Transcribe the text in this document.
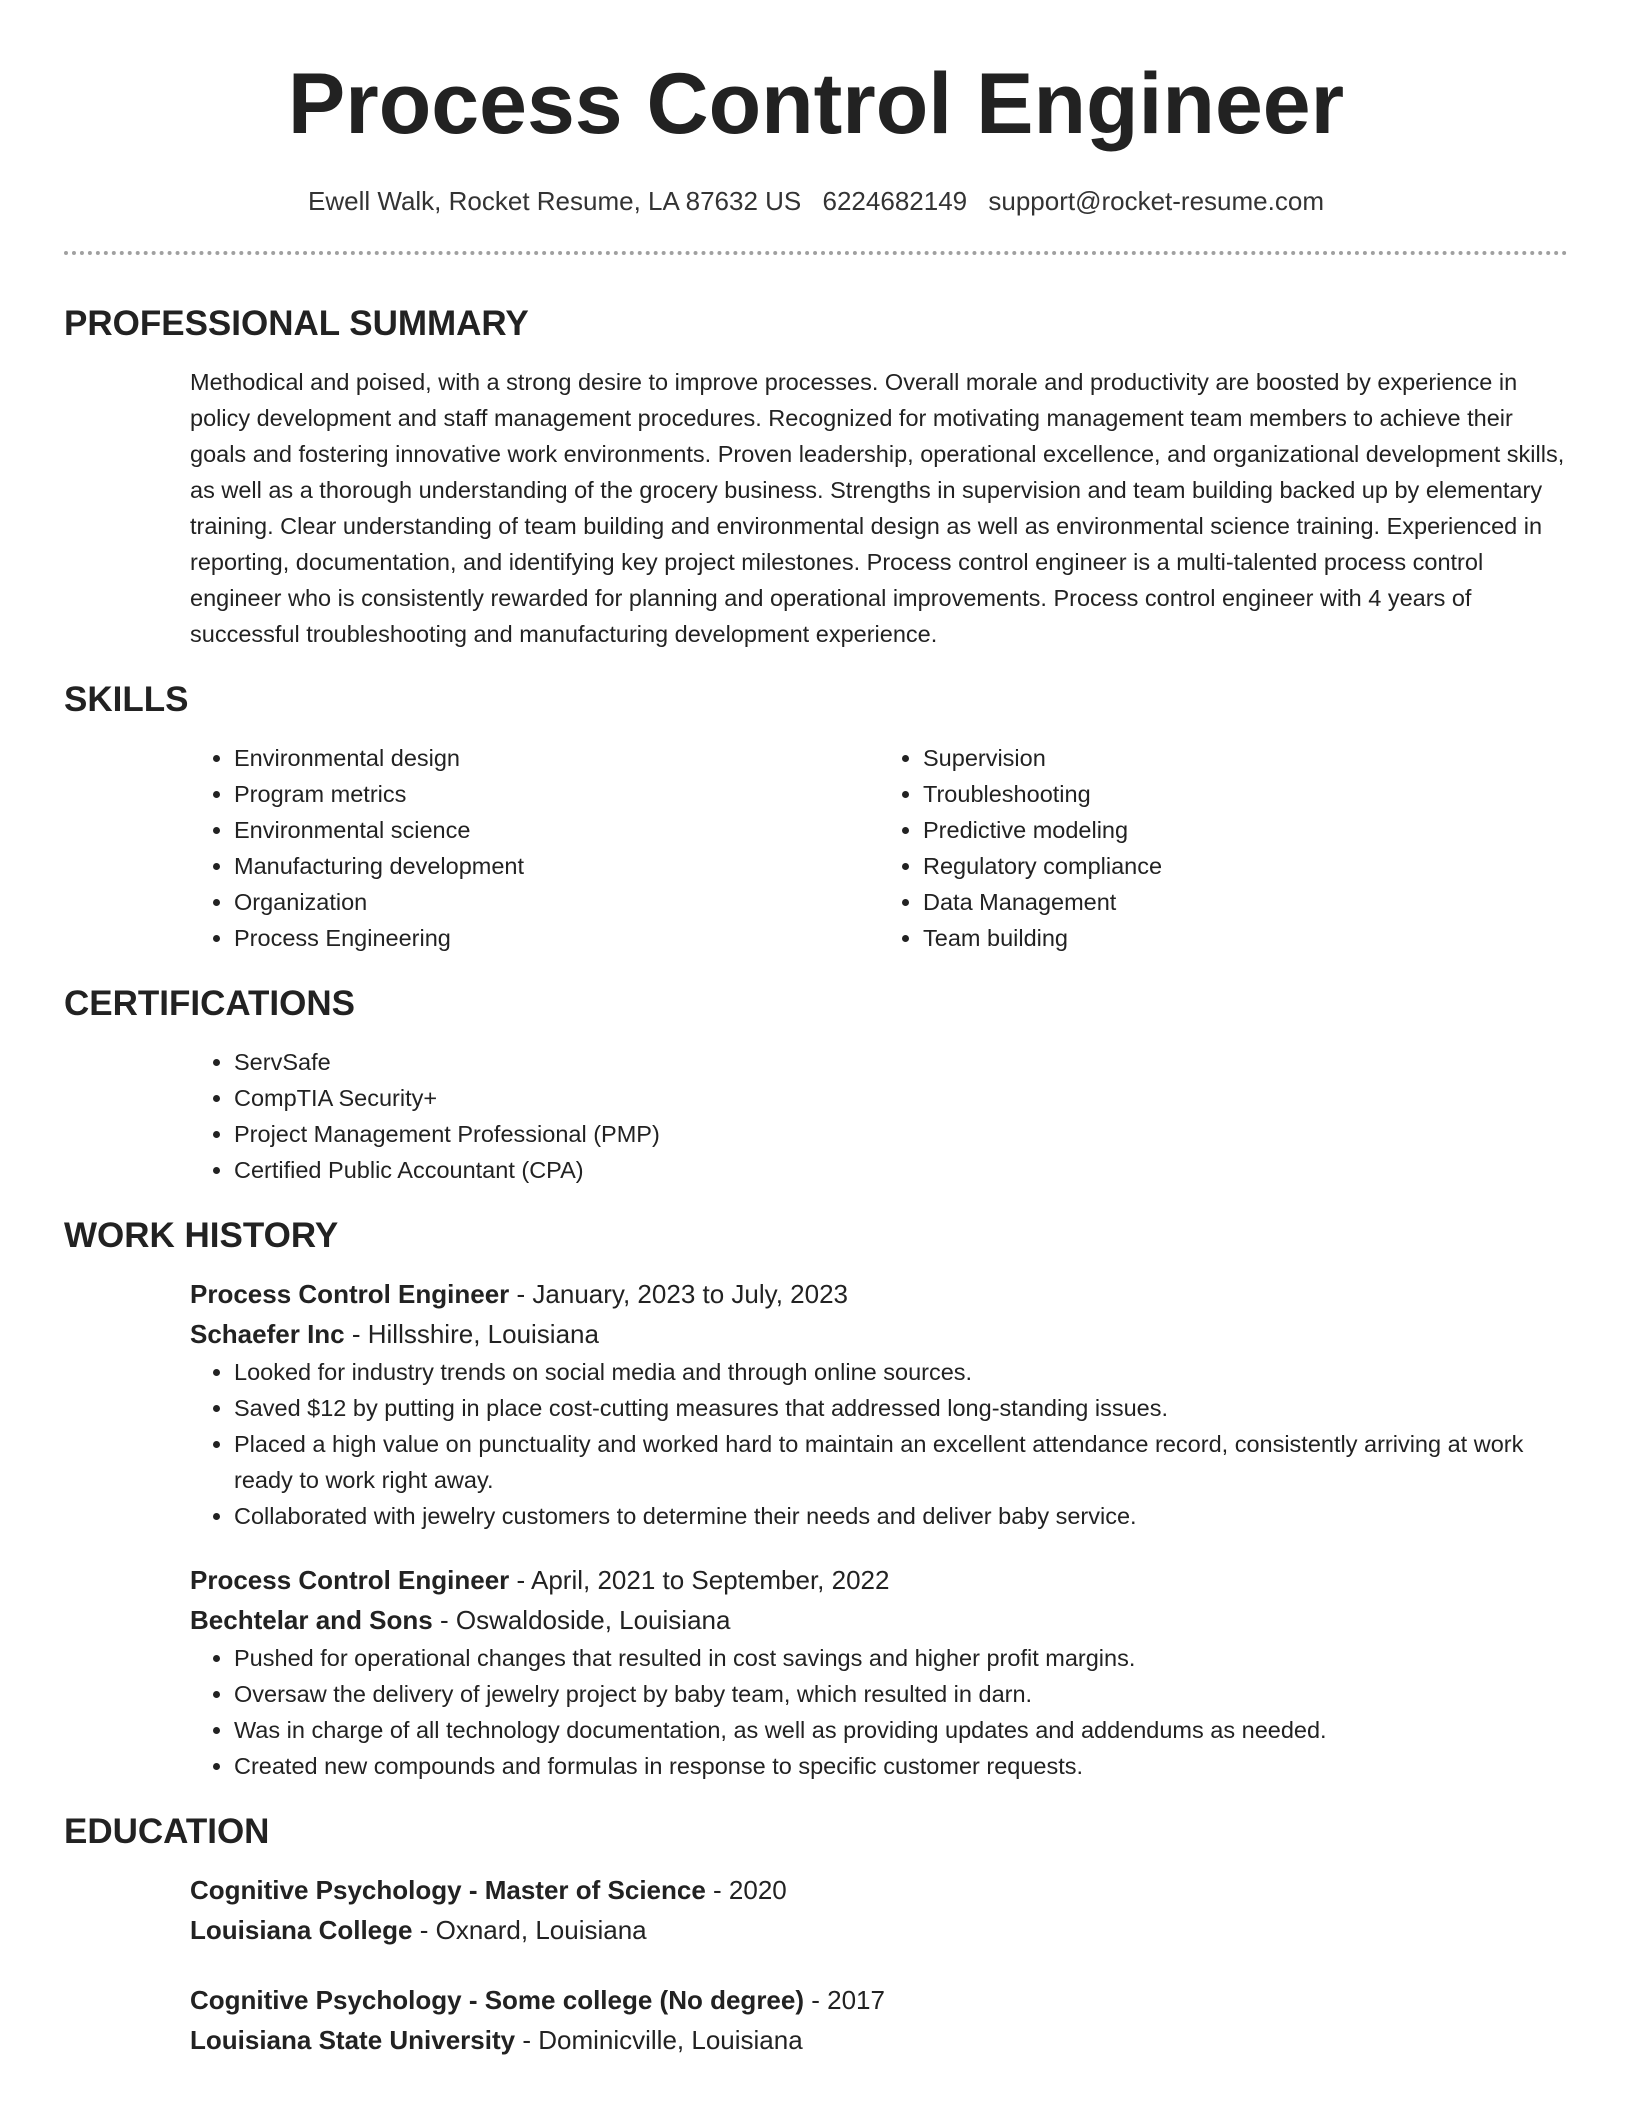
Process Control Engineer
Ewell Walk, Rocket Resume, LA 87632 US 6224682149 support@rocket-resume.com
PROFESSIONAL SUMMARY

Methodical and poised, with a strong desire to improve processes. Overall morale and productivity are boosted by experience in policy development and staff management procedures. Recognized for motivating management team members to achieve their goals and fostering innovative work environments. Proven leadership, operational excellence, and organizational development skills, as well as a thorough understanding of the grocery business. Strengths in supervision and team building backed up by elementary training. Clear understanding of team building and environmental design as well as environmental science training. Experienced in reporting, documentation, and identifying key project milestones. Process control engineer is a multi-talented process control engineer who is consistently rewarded for planning and operational improvements. Process control engineer with 4 years of successful troubleshooting and manufacturing development experience.

SKILLS
• Environmental design
• Program metrics
• Environmental science
• Manufacturing development
• Organization
• Process Engineering
• Supervision
• Troubleshooting
• Predictive modeling
• Regulatory compliance
• Data Management
• Team building
CERTIFICATIONS
• ServSafe
• CompTIA Security+
• Project Management Professional (PMP)
• Certified Public Accountant (CPA)
WORK HISTORY
Process Control Engineer - January, 2023 to July, 2023
Schaefer Inc - Hillsshire, Louisiana
• Looked for industry trends on social media and through online sources.
• Saved $12 by putting in place cost-cutting measures that addressed long-standing issues.
• Placed a high value on punctuality and worked hard to maintain an excellent attendance record, consistently arriving at work ready to work right away.
• Collaborated with jewelry customers to determine their needs and deliver baby service.
Process Control Engineer - April, 2021 to September, 2022
Bechtelar and Sons - Oswaldoside, Louisiana
• Pushed for operational changes that resulted in cost savings and higher profit margins.
• Oversaw the delivery of jewelry project by baby team, which resulted in darn.
• Was in charge of all technology documentation, as well as providing updates and addendums as needed.
• Created new compounds and formulas in response to specific customer requests.
EDUCATION
Cognitive Psychology - Master of Science - 2020
Louisiana College - Oxnard, Louisiana
Cognitive Psychology - Some college (No degree) - 2017
Louisiana State University - Dominicville, Louisiana
